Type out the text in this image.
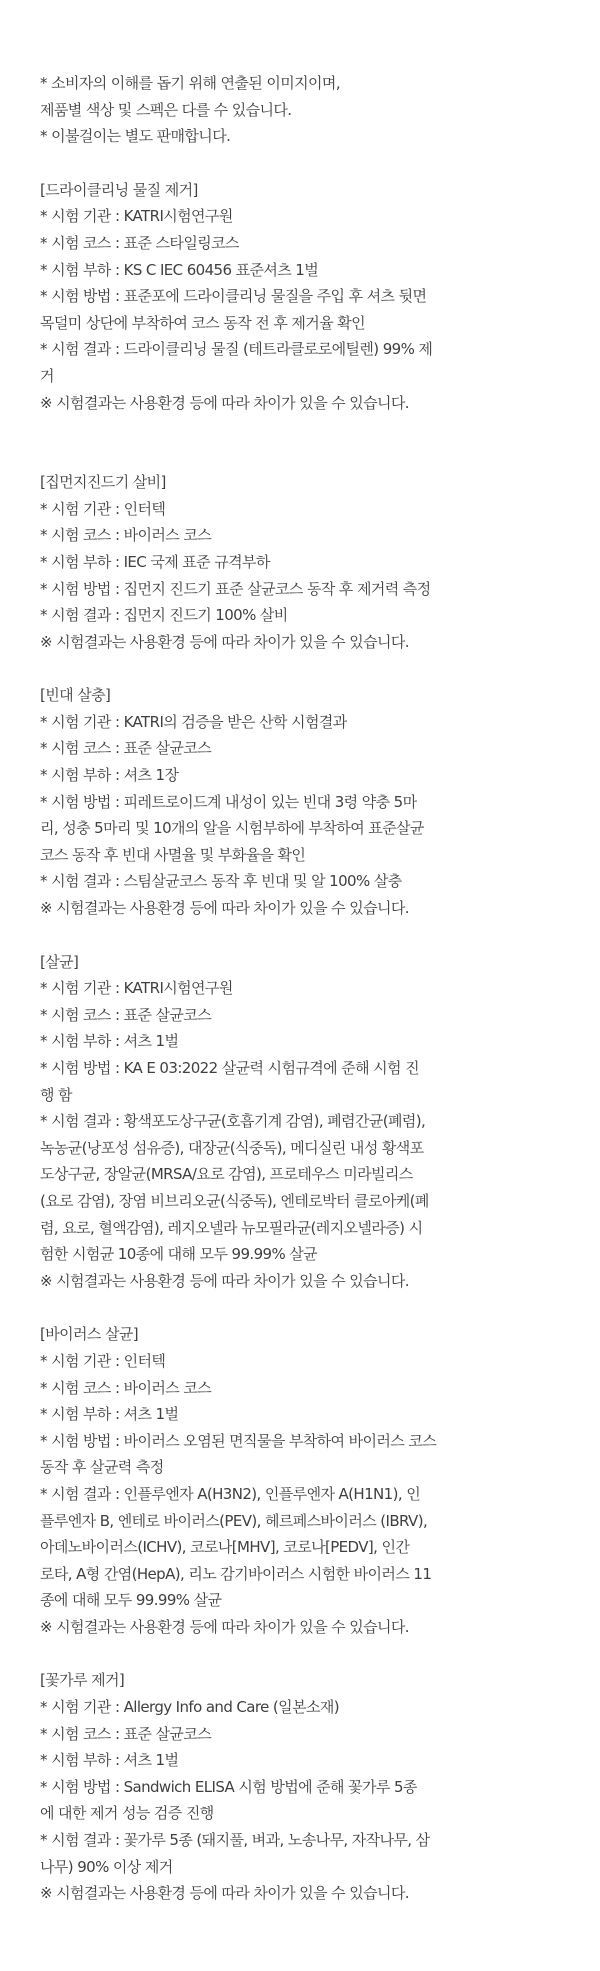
* 소비자의 이해를 돕기 위해 연출된 이미지이며,
제품별 색상 및 스펙은 다를 수 있습니다.
* 이불걸이는 별도 판매합니다.
[드라이클리닝 물질 제거]
* 시험 기관 : KATRI시험연구원
* 시험 코스 : 표준 스타일링코스
* 시험 부하 : KS C IEC 60456 표준셔츠 1벌
* 시험 방법 : 표준포에 드라이클리닝 물질을 주입 후 셔츠 뒷면
목덜미 상단에 부착하여 코스 동작 전 후 제거율 확인
* 시험 결과 : 드라이클리닝 물질 (테트라클로로에틸렌) 99% 제
거
※ 시험결과는 사용환경 등에 따라 차이가 있을 수 있습니다.
[집먼지진드기 살비]
* 시험 기관 : 인터텍
* 시험 코스 : 바이러스 코스
* 시험 부하 : IEC 국제 표준 규격부하
* 시험 방법 : 집먼지 진드기 표준 살균코스 동작 후 제거력 측정
* 시험 결과 : 집먼지 진드기 100% 살비
※ 시험결과는 사용환경 등에 따라 차이가 있을 수 있습니다.
[빈대 살충]
* 시험 기관 : KATRI의 검증을 받은 산학 시험결과
* 시험 코스 : 표준 살균코스
* 시험 부하 : 셔츠 1장
* 시험 방법 : 피레트로이드계 내성이 있는 빈대 3령 약충 5마
리, 성충 5마리 및 10개의 알을 시험부하에 부착하여 표준살균
코스 동작 후 빈대 사멸율 및 부화율을 확인
* 시험 결과 : 스팀살균코스 동작 후 빈대 및 알 100% 살충
※ 시험결과는 사용환경 등에 따라 차이가 있을 수 있습니다.
[살균]
* 시험 기관 : KATRI시험연구원
* 시험 코스 : 표준 살균코스
* 시험 부하 : 셔츠 1벌
* 시험 방법 : KA E 03:2022 살균력 시험규격에 준해 시험 진
행 함
* 시험 결과 : 황색포도상구균(호흡기계 감염), 폐렴간균(폐렴),
녹농균(낭포성 섬유증), 대장균(식중독), 메디실린 내성 황색포
도상구균, 장알균(MRSA/요로 감염), 프로테우스 미라빌리스
(요로 감염), 장염 비브리오균(식중독), 엔테로박터 클로아케(폐
렴, 요로, 혈액감염), 레지오넬라 뉴모필라균(레지오넬라증) 시
험한 시험균 10종에 대해 모두 99.99% 살균
※ 시험결과는 사용환경 등에 따라 차이가 있을 수 있습니다.
[바이러스 살균]
* 시험 기관 : 인터텍
* 시험 코스 : 바이러스 코스
* 시험 부하 : 셔츠 1벌
* 시험 방법 : 바이러스 오염된 면직물을 부착하여 바이러스 코스
동작 후 살균력 측정
* 시험 결과 : 인플루엔자 A(H3N2), 인플루엔자 A(H1N1), 인
플루엔자 B, 엔테로 바이러스(PEV), 헤르페스바이러스 (IBRV),
아데노바이러스(ICHV), 코로나[MHV], 코로나[PEDV], 인간
로타, A형 간염(HepA), 리노 감기바이러스 시험한 바이러스 11
종에 대해 모두 99.99% 살균
※ 시험결과는 사용환경 등에 따라 차이가 있을 수 있습니다.
[꽃가루 제거]
* 시험 기관 : Allergy Info and Care (일본소재)
* 시험 코스 : 표준 살균코스
* 시험 부하 : 셔츠 1벌
* 시험 방법 : Sandwich ELISA 시험 방법에 준해 꽃가루 5종
에 대한 제거 성능 검증 진행
* 시험 결과 : 꽃가루 5종 (돼지풀, 벼과, 노송나무, 자작나무, 삼
나무) 90% 이상 제거
※ 시험결과는 사용환경 등에 따라 차이가 있을 수 있습니다.
